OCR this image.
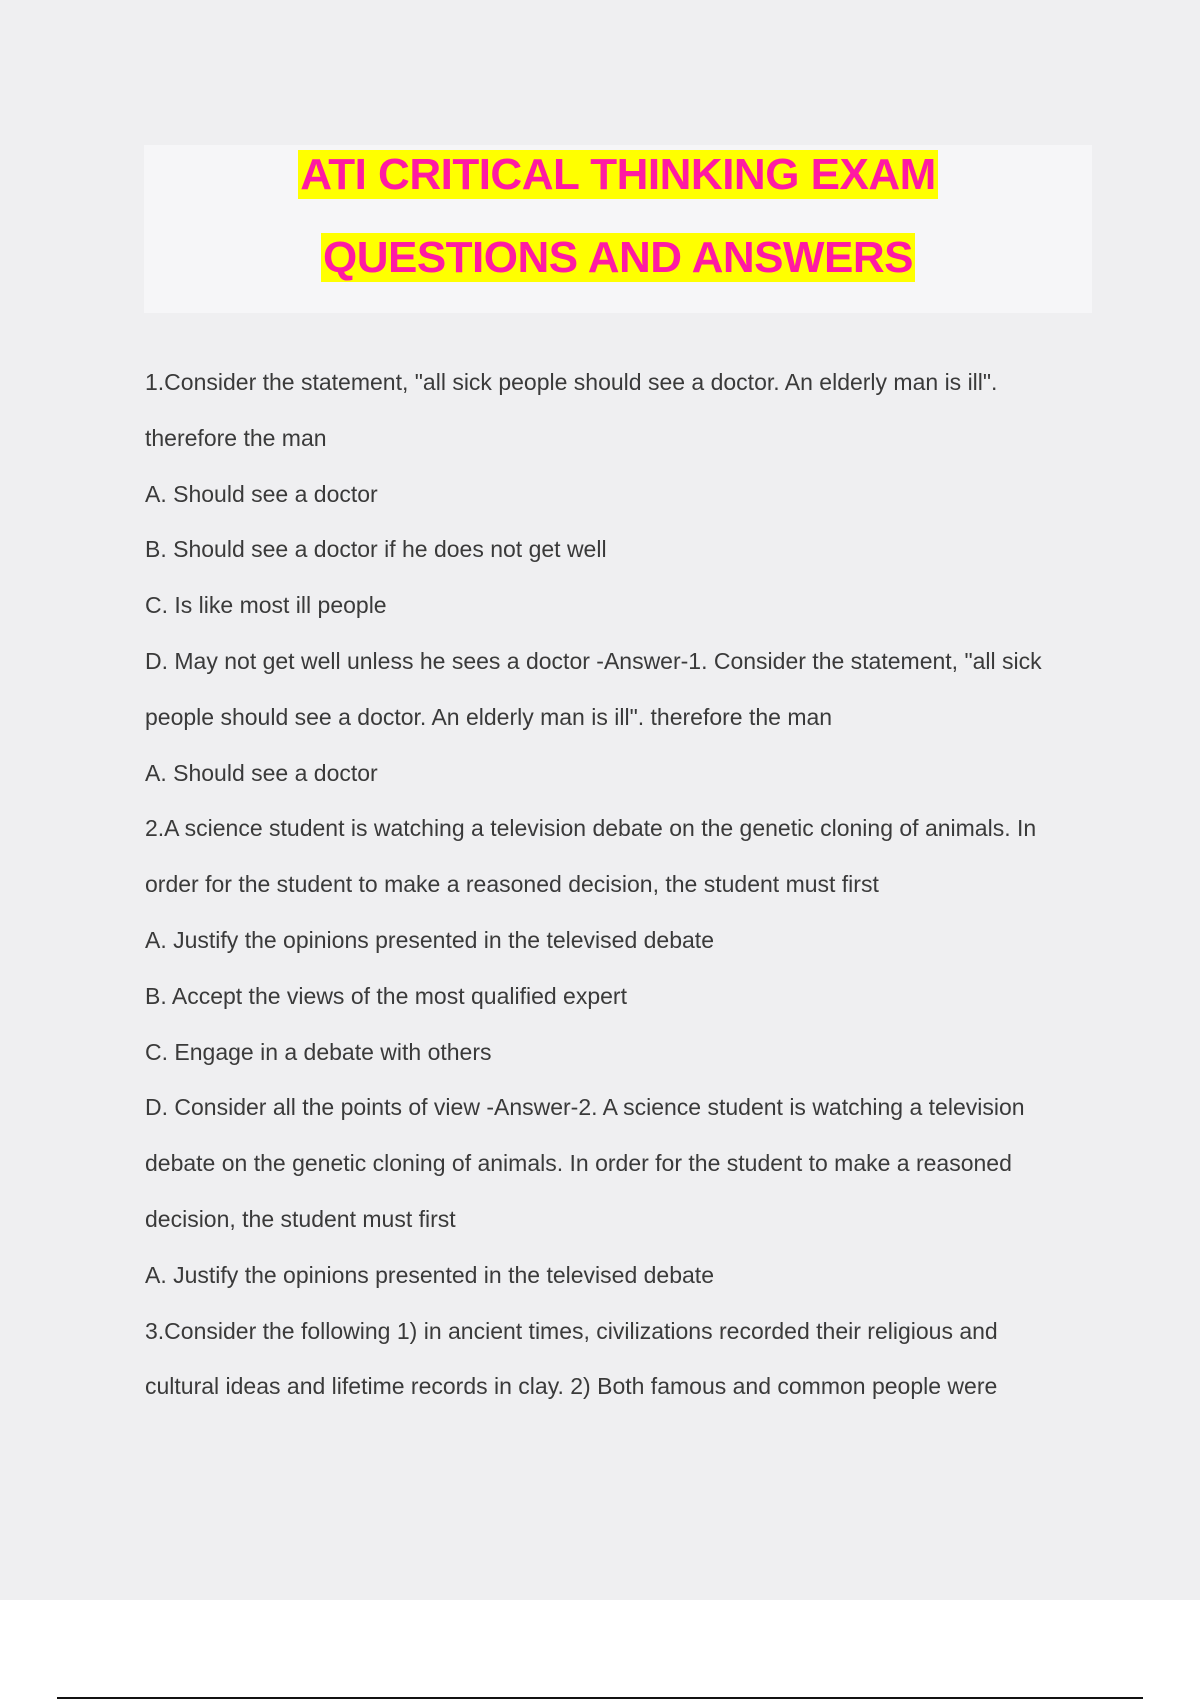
ATI CRITICAL THINKING EXAM
QUESTIONS AND ANSWERS
1.Consider the statement, "all sick people should see a doctor. An elderly man is ill".
therefore the man
A. Should see a doctor
B. Should see a doctor if he does not get well
C. Is like most ill people
D. May not get well unless he sees a doctor -Answer-1. Consider the statement, "all sick
people should see a doctor. An elderly man is ill". therefore the man
A. Should see a doctor
2.A science student is watching a television debate on the genetic cloning of animals. In
order for the student to make a reasoned decision, the student must first
A. Justify the opinions presented in the televised debate
B. Accept the views of the most qualified expert
C. Engage in a debate with others
D. Consider all the points of view -Answer-2. A science student is watching a television
debate on the genetic cloning of animals. In order for the student to make a reasoned
decision, the student must first
A. Justify the opinions presented in the televised debate
3.Consider the following 1) in ancient times, civilizations recorded their religious and
cultural ideas and lifetime records in clay. 2) Both famous and common people were
